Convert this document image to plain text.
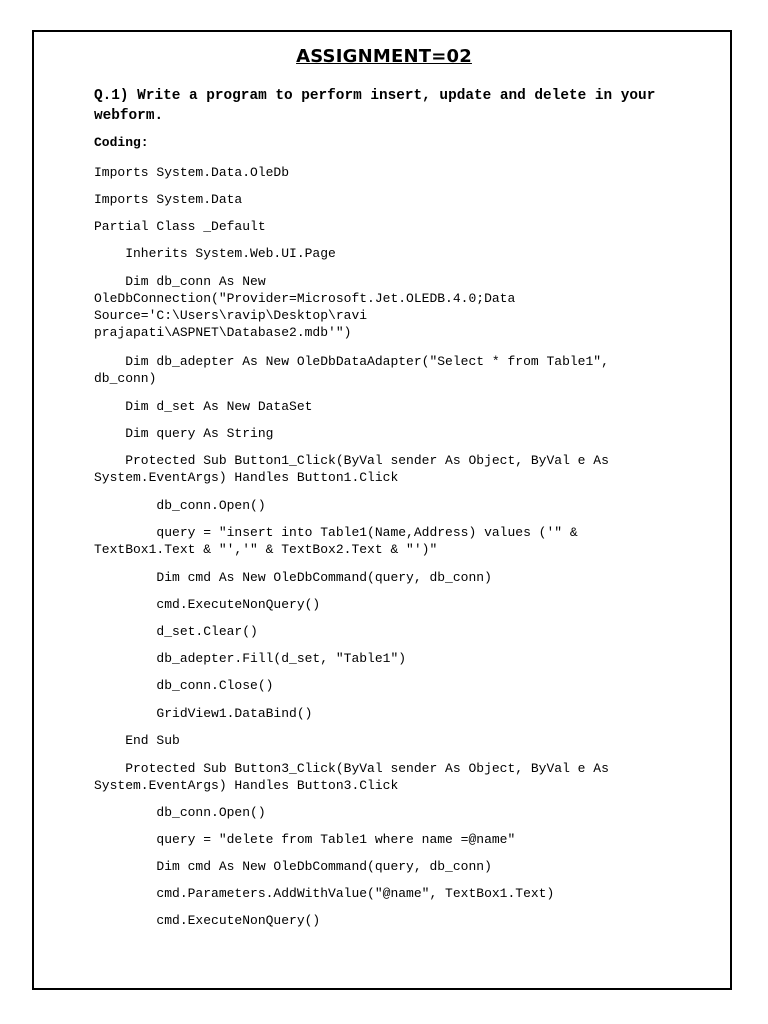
ASSIGNMENT=02
Q.1) Write a program to perform insert, update and delete in your webform.
Coding:
Imports System.Data.OleDb
Imports System.Data
Partial Class _Default
Inherits System.Web.UI.Page
Dim db_conn As New
OleDbConnection("Provider=Microsoft.Jet.OLEDB.4.0;Data
Source='C:\Users\ravip\Desktop\ravi
prajapati\ASPNET\Database2.mdb'")
Dim db_adepter As New OleDbDataAdapter("Select * from Table1",
db_conn)
Dim d_set As New DataSet
Dim query As String
Protected Sub Button1_Click(ByVal sender As Object, ByVal e As
System.EventArgs) Handles Button1.Click
db_conn.Open()
query = "insert into Table1(Name,Address) values ('" &
TextBox1.Text & "','" & TextBox2.Text & "')"
Dim cmd As New OleDbCommand(query, db_conn)
cmd.ExecuteNonQuery()
d_set.Clear()
db_adepter.Fill(d_set, "Table1")
db_conn.Close()
GridView1.DataBind()
End Sub
Protected Sub Button3_Click(ByVal sender As Object, ByVal e As
System.EventArgs) Handles Button3.Click
db_conn.Open()
query = "delete from Table1 where name =@name"
Dim cmd As New OleDbCommand(query, db_conn)
cmd.Parameters.AddWithValue("@name", TextBox1.Text)
cmd.ExecuteNonQuery()
